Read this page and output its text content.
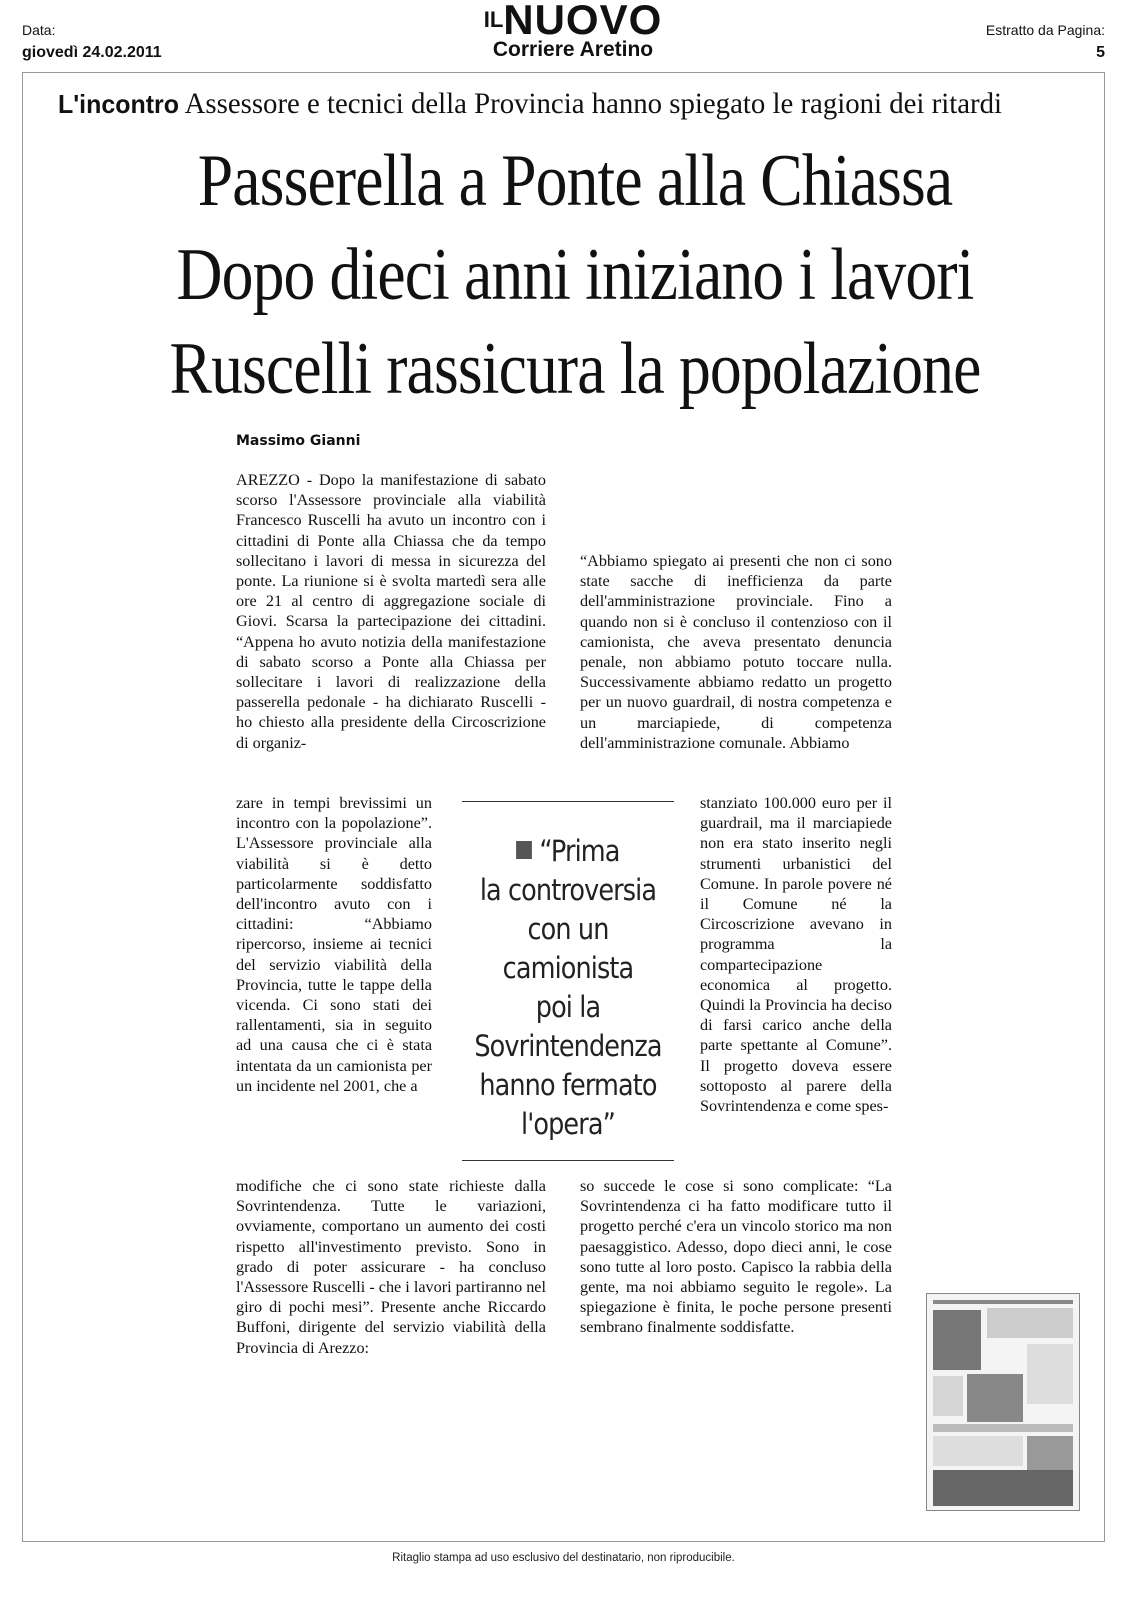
Data:
giovedì 24.02.2011
Estratto da Pagina:
5
$^{IL}$NUOVO
Corriere Aretino
L'incontro Assessore e tecnici della Provincia hanno spiegato le ragioni dei ritardi
Passerella a Ponte alla Chiassa
Dopo dieci anni iniziano i lavori
Ruscelli rassicura la popolazione
Massimo Gianni

AREZZO - Dopo la manifestazione di sabato scorso l'Assessore provinciale alla viabilità Francesco Ruscelli ha avuto un incontro con i cittadini di Ponte alla Chiassa che da tempo sollecitano i lavori di messa in sicurezza del ponte. La riunione si è svolta martedì sera alle ore 21 al centro di aggregazione sociale di Giovi. Scarsa la partecipazione dei cittadini. “Appena ho avuto notizia della manifestazione di sabato scorso a Ponte alla Chiassa per sollecitare i lavori di realizzazione della passerella pedonale - ha dichiarato Ruscelli - ho chiesto alla presidente della Circoscrizione di organiz-

zare in tempi brevissimi un incontro con la popolazione”. L'Assessore provinciale alla viabilità si è detto particolarmente soddisfatto dell'incontro avuto con i cittadini: “Abbiamo ripercorso, insieme ai tecnici del servizio viabilità della Provincia, tutte le tappe della vicenda. Ci sono stati dei rallentamenti, sia in seguito ad una causa che ci è stata intentata da un camionista per un incidente nel 2001, che a

modifiche che ci sono state richieste dalla Sovrintendenza. Tutte le variazioni, ovviamente, comportano un aumento dei costi rispetto all'investimento previsto. Sono in grado di poter assicurare - ha concluso l'Assessore Ruscelli - che i lavori partiranno nel giro di pochi mesi”. Presente anche Riccardo Buffoni, dirigente del servizio viabilità della Provincia di Arezzo:

“Abbiamo spiegato ai presenti che non ci sono state sacche di inefficienza da parte dell'amministrazione provinciale. Fino a quando non si è concluso il contenzioso con il camionista, che aveva presentato denuncia penale, non abbiamo potuto toccare nulla. Successivamente abbiamo redatto un progetto per un nuovo guardrail, di nostra competenza e un marciapiede, di competenza dell'amministrazione comunale. Abbiamo

stanziato 100.000 euro per il guardrail, ma il marciapiede non era stato inserito negli strumenti urbanistici del Comune. In parole povere né il Comune né la Circoscrizione avevano in programma la compartecipazione economica al progetto. Quindi la Provincia ha deciso di farsi carico anche della parte spettante al Comune”. Il progetto doveva essere sottoposto al parere della Sovrintendenza e come spes-

so succede le cose si sono complicate: “La Sovrintendenza ci ha fatto modificare tutto il progetto perché c'era un vincolo storico ma non paesaggistico. Adesso, dopo dieci anni, le cose sono tutte al loro posto. Capisco la rabbia della gente, ma noi abbiamo seguito le regole». La spiegazione è finita, le poche persone presenti sembrano finalmente soddisfatte.

“Prima
la controversia
con un
camionista
poi la
Sovrintendenza
hanno fermato
l'opera”
Ritaglio stampa ad uso esclusivo del destinatario, non riproducibile.
